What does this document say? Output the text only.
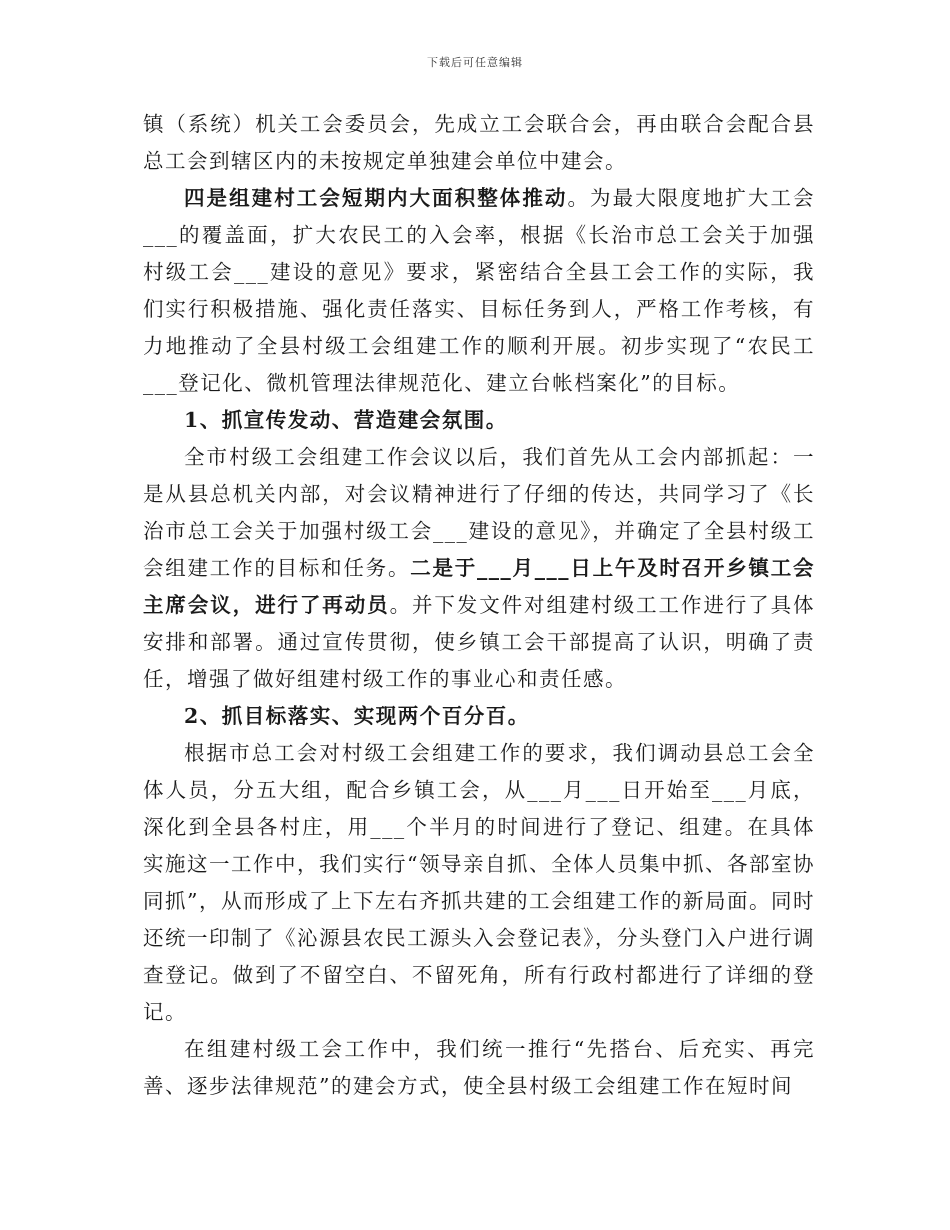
下载后可任意编辑

镇（系统）机关工会委员会，先成立工会联合会，再由联合会配合县总工会到辖区内的未按规定单独建会单位中建会。

四是组建村工会短期内大面积整体推动。为最大限度地扩大工会___的覆盖面，扩大农民工的入会率，根据《长治市总工会关于加强村级工会___建设的意见》要求，紧密结合全县工会工作的实际，我们实行积极措施、强化责任落实、目标任务到人，严格工作考核，有力地推动了全县村级工会组建工作的顺利开展。初步实现了“农民工___登记化、微机管理法律规范化、建立台帐档案化”的目标。

1、抓宣传发动、营造建会氛围。

全市村级工会组建工作会议以后，我们首先从工会内部抓起：一是从县总机关内部，对会议精神进行了仔细的传达，共同学习了《长治市总工会关于加强村级工会___建设的意见》，并确定了全县村级工会组建工作的目标和任务。二是于___月___日上午及时召开乡镇工会主席会议，进行了再动员。并下发文件对组建村级工工作进行了具体安排和部署。通过宣传贯彻，使乡镇工会干部提高了认识，明确了责任，增强了做好组建村级工作的事业心和责任感。

2、抓目标落实、实现两个百分百。

根据市总工会对村级工会组建工作的要求，我们调动县总工会全体人员，分五大组，配合乡镇工会，从___月___日开始至___月底，深化到全县各村庄，用___个半月的时间进行了登记、组建。在具体实施这一工作中，我们实行“领导亲自抓、全体人员集中抓、各部室协同抓”，从而形成了上下左右齐抓共建的工会组建工作的新局面。同时还统一印制了《沁源县农民工源头入会登记表》，分头登门入户进行调查登记。做到了不留空白、不留死角，所有行政村都进行了详细的登记。

在组建村级工会工作中，我们统一推行“先搭台、后充实、再完善、逐步法律规范”的建会方式，使全县村级工会组建工作在短时间
